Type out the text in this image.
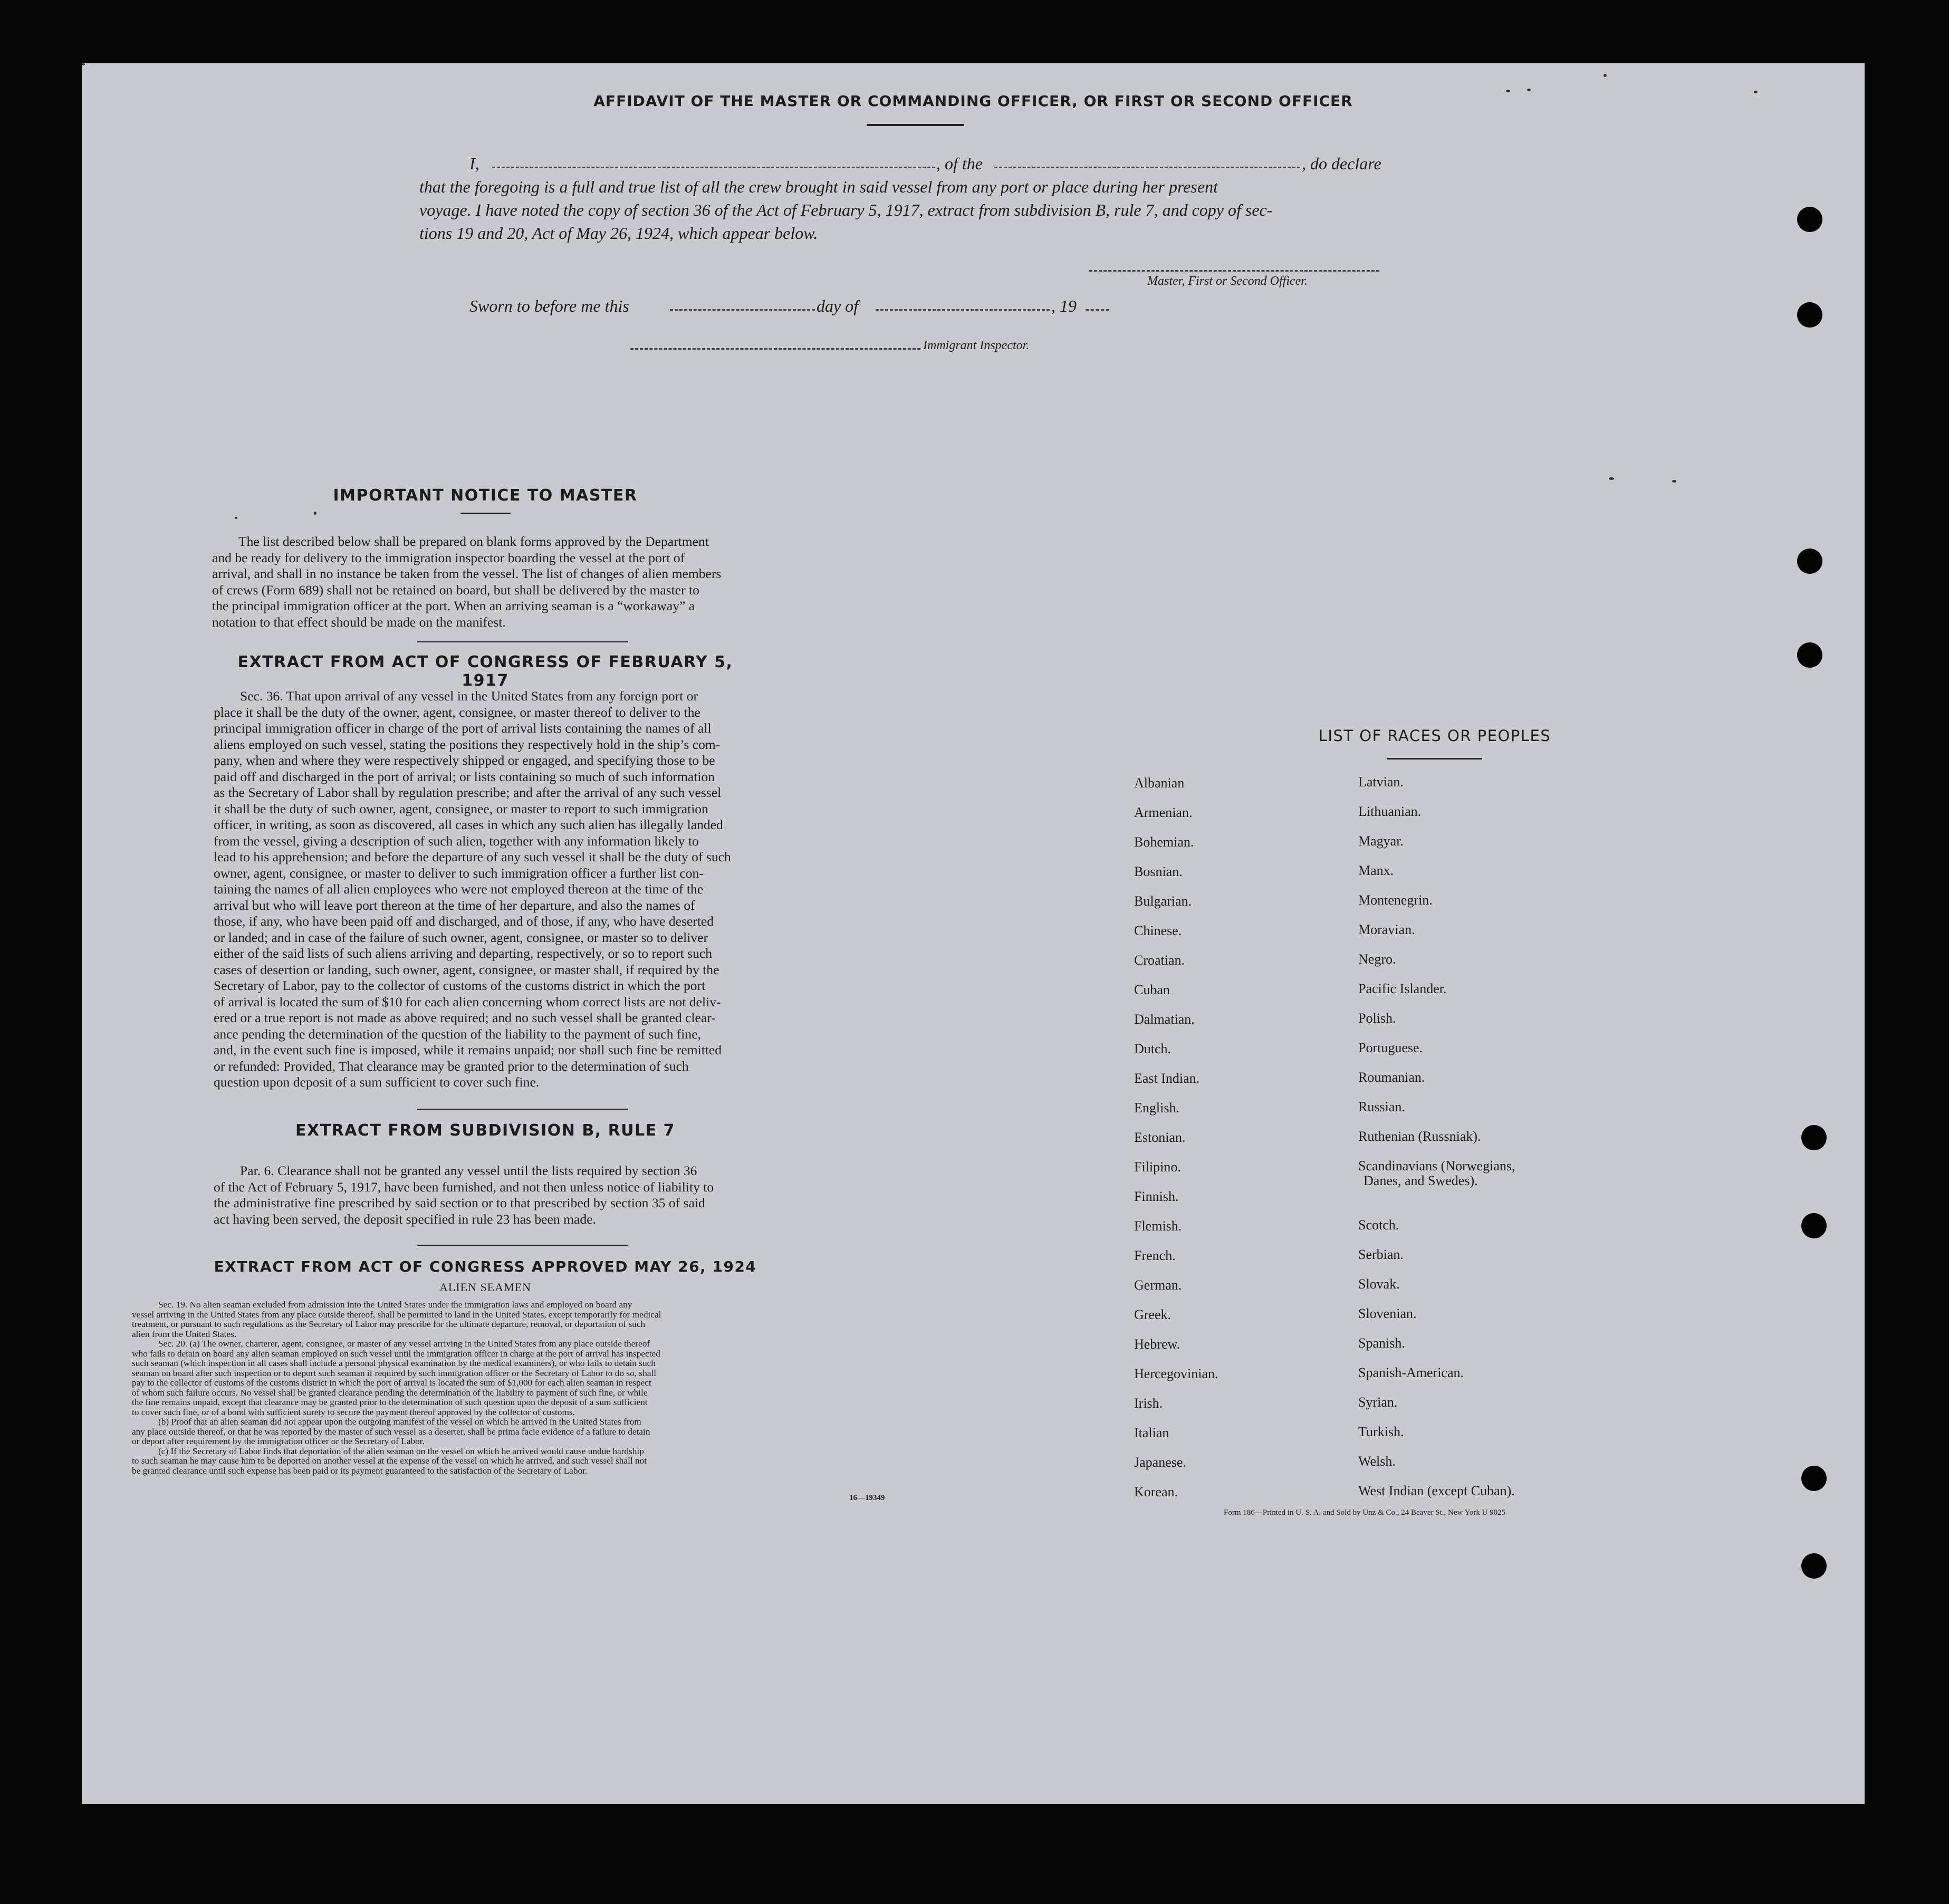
AFFIDAVIT OF THE MASTER OR COMMANDING OFFICER, OR FIRST OR SECOND OFFICER
I,	, of the	, do declare
that the foregoing is a full and true list of all the crew brought in said vessel from any port or place during her present
voyage. I have noted the copy of section 36 of the Act of February 5, 1917, extract from subdivision B, rule 7, and copy of sec-
tions 19 and 20, Act of May 26, 1924, which appear below.
Master, First or Second Officer.
Sworn to before me this	day of	, 19
Immigrant Inspector.
IMPORTANT NOTICE TO MASTER
The list described below shall be prepared on blank forms approved by the Department
and be ready for delivery to the immigration inspector boarding the vessel at the port of
arrival, and shall in no instance be taken from the vessel. The list of changes of alien members
of crews (Form 689) shall not be retained on board, but shall be delivered by the master to
the principal immigration officer at the port. When an arriving seaman is a “workaway” a
notation to that effect should be made on the manifest.
EXTRACT FROM ACT OF CONGRESS OF FEBRUARY 5, 1917
Sec. 36. That upon arrival of any vessel in the United States from any foreign port or
place it shall be the duty of the owner, agent, consignee, or master thereof to deliver to the
principal immigration officer in charge of the port of arrival lists containing the names of all
aliens employed on such vessel, stating the positions they respectively hold in the ship’s com-
pany, when and where they were respectively shipped or engaged, and specifying those to be
paid off and discharged in the port of arrival; or lists containing so much of such information
as the Secretary of Labor shall by regulation prescribe; and after the arrival of any such vessel
it shall be the duty of such owner, agent, consignee, or master to report to such immigration
officer, in writing, as soon as discovered, all cases in which any such alien has illegally landed
from the vessel, giving a description of such alien, together with any information likely to
lead to his apprehension; and before the departure of any such vessel it shall be the duty of such
owner, agent, consignee, or master to deliver to such immigration officer a further list con-
taining the names of all alien employees who were not employed thereon at the time of the
arrival but who will leave port thereon at the time of her departure, and also the names of
those, if any, who have been paid off and discharged, and of those, if any, who have deserted
or landed; and in case of the failure of such owner, agent, consignee, or master so to deliver
either of the said lists of such aliens arriving and departing, respectively, or so to report such
cases of desertion or landing, such owner, agent, consignee, or master shall, if required by the
Secretary of Labor, pay to the collector of customs of the customs district in which the port
of arrival is located the sum of $10 for each alien concerning whom correct lists are not deliv-
ered or a true report is not made as above required; and no such vessel shall be granted clear-
ance pending the determination of the question of the liability to the payment of such fine,
and, in the event such fine is imposed, while it remains unpaid; nor shall such fine be remitted
or refunded: Provided, That clearance may be granted prior to the determination of such
question upon deposit of a sum sufficient to cover such fine.
EXTRACT FROM SUBDIVISION B, RULE 7
Par. 6. Clearance shall not be granted any vessel until the lists required by section 36
of the Act of February 5, 1917, have been furnished, and not then unless notice of liability to
the administrative fine prescribed by said section or to that prescribed by section 35 of said
act having been served, the deposit specified in rule 23 has been made.
EXTRACT FROM ACT OF CONGRESS APPROVED MAY 26, 1924
ALIEN SEAMEN
Sec. 19. No alien seaman excluded from admission into the United States under the immigration laws and employed on board any
vessel arriving in the United States from any place outside thereof, shall be permitted to land in the United States, except temporarily for medical
treatment, or pursuant to such regulations as the Secretary of Labor may prescribe for the ultimate departure, removal, or deportation of such
alien from the United States.
Sec. 20. (a) The owner, charterer, agent, consignee, or master of any vessel arriving in the United States from any place outside thereof
who fails to detain on board any alien seaman employed on such vessel until the immigration officer in charge at the port of arrival has inspected
such seaman (which inspection in all cases shall include a personal physical examination by the medical examiners), or who fails to detain such
seaman on board after such inspection or to deport such seaman if required by such immigration officer or the Secretary of Labor to do so, shall
pay to the collector of customs of the customs district in which the port of arrival is located the sum of $1,000 for each alien seaman in respect
of whom such failure occurs. No vessel shall be granted clearance pending the determination of the liability to payment of such fine, or while
the fine remains unpaid, except that clearance may be granted prior to the determination of such question upon the deposit of a sum sufficient
to cover such fine, or of a bond with sufficient surety to secure the payment thereof approved by the collector of customs.
(b) Proof that an alien seaman did not appear upon the outgoing manifest of the vessel on which he arrived in the United States from
any place outside thereof, or that he was reported by the master of such vessel as a deserter, shall be prima facie evidence of a failure to detain
or deport after requirement by the immigration officer or the Secretary of Labor.
(c) If the Secretary of Labor finds that deportation of the alien seaman on the vessel on which he arrived would cause undue hardship
to such seaman he may cause him to be deported on another vessel at the expense of the vessel on which he arrived, and such vessel shall not
be granted clearance until such expense has been paid or its payment guaranteed to the satisfaction of the Secretary of Labor.
16—19349
LIST OF RACES OR PEOPLES
Albanian
Armenian.
Bohemian.
Bosnian.
Bulgarian.
Chinese.
Croatian.
Cuban
Dalmatian.
Dutch.
East Indian.
English.
Estonian.
Filipino.
Finnish.
Flemish.
French.
German.
Greek.
Hebrew.
Hercegovinian.
Irish.
Italian
Japanese.
Korean.
Latvian.
Lithuanian.
Magyar.
Manx.
Montenegrin.
Moravian.
Negro.
Pacific Islander.
Polish.
Portuguese.
Roumanian.
Russian.
Ruthenian (Russniak).
Scandinavians (Norwegians,
Danes, and Swedes).
Scotch.
Serbian.
Slovak.
Slovenian.
Spanish.
Spanish-American.
Syrian.
Turkish.
Welsh.
West Indian (except Cuban).
Form 186—Printed in U. S. A. and Sold by Unz & Co., 24 Beaver St., New York U 9025
